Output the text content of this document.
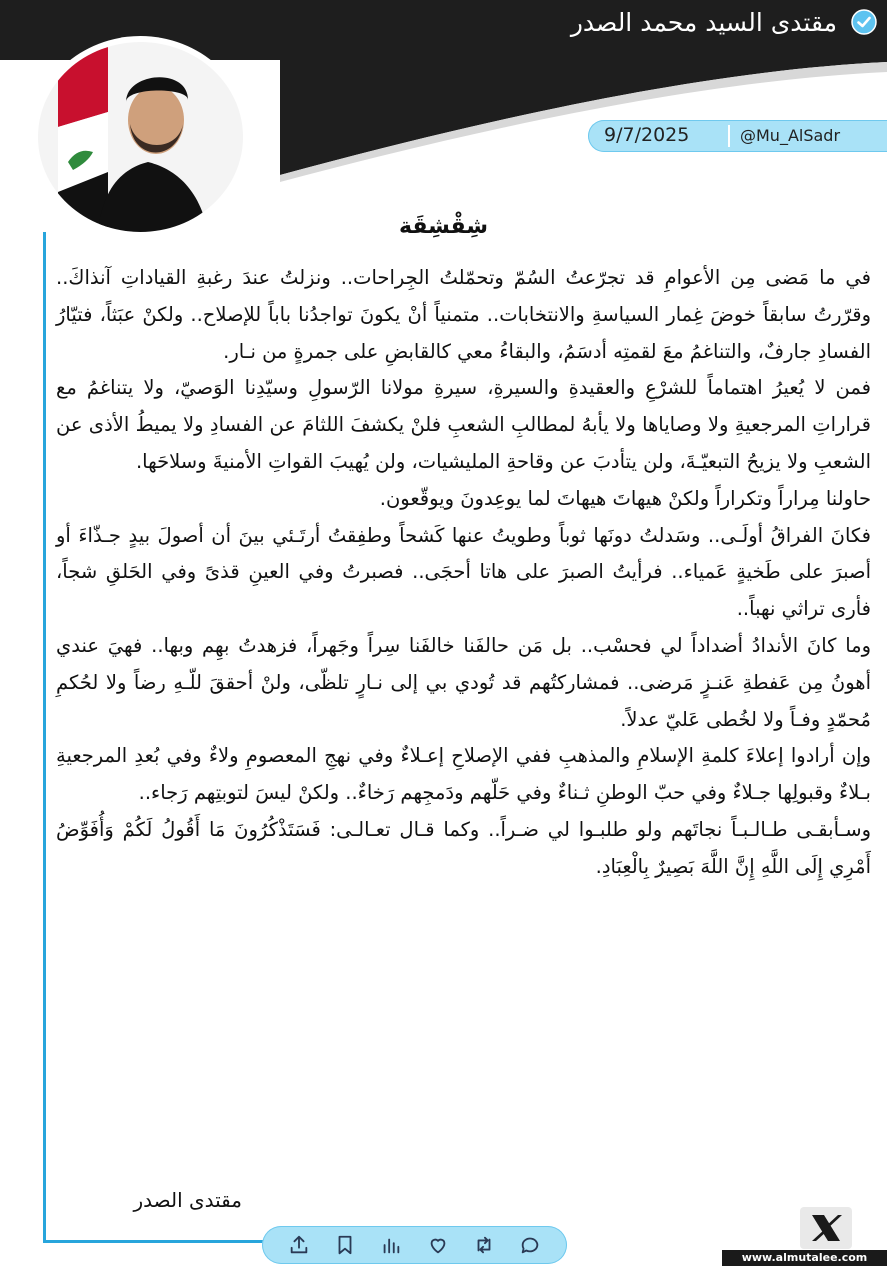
مقتدى السيد محمد الصدر
9/7/2025	@Mu_AlSadr
شِقْشِقَة

في ما مَضى مِن الأعوامِ قد تجرّعتُ السُمّ وتحمّلتُ الجِراحات.. ونزلتُ عندَ رغبةِ القياداتِ آنذاكَ.. وقرّرتُ سابقاً خوضَ غِمار السياسةِ والانتخابات.. متمنياً أنْ يكونَ تواجدُنا باباً للإصلاح.. ولكنْ عبَثاً، فتيّارُ الفسادِ جارفٌ، والتناغمُ معَ لقمتِه أدسَمُ، والبقاءُ معي كالقابضِ على جمرةٍ من نـار.

فمن لا يُعيرُ اهتماماً للشرْعِ والعقيدةِ والسيرةِ، سيرةِ مولانا الرّسولِ وسيّدِنا الوَصيّ، ولا يتناغمُ مع قراراتِ المرجعيةِ ولا وصاياها ولا يأبهُ لمطالبِ الشعبِ فلنْ يكشفَ اللثامَ عن الفسادِ ولا يميطُ الأذى عن الشعبِ ولا يزيحُ التبعيّـةَ، ولن يتأدبَ عن وقاحةِ المليشيات، ولن يُهيبَ القواتِ الأمنيةَ وسلاحَها.

حاولنا مِراراً وتكراراً ولكنْ هيهاتَ هيهاتَ لما يوعِدونَ ويوقّعون.

فكانَ الفراقُ أولَـى.. وسَدلتُ دونَها ثوباً وطويتُ عنها كَشحاً وطفِقتُ أرتَـئي بينَ أن أصولَ بيدٍ جـذّاءَ أو أصبرَ على طَخيةٍ عَمياء.. فرأيتُ الصبرَ على هاتا أحجَى.. فصبرتُ وفي العينِ قذىً وفي الحَلقِ شجاً، فأرى تراثي نهباً..

وما كانَ الأندادُ أضداداً لي فحسْب.. بل مَن حالفَنا خالفَنا سِراً وجَهراً، فزهدتُ بهِم وبها.. فهيَ عندي أهونُ مِن عَفطةِ عَنـزٍ مَرضى.. فمشاركتُهم قد تُودي بي إلى نـارٍ تلظّى، ولنْ أحققَ للّـهِ رضاً ولا لحُكمِ مُحمّدٍ وفـاً ولا لخُطى عَليّ عدلاً.

وإن أرادوا إعلاءَ كلمةِ الإسلامِ والمذهبِ ففي الإصلاحِ إعـلاءٌ وفي نهجِ المعصومِ ولاءٌ وفي بُعدِ المرجعيةِ بـلاءٌ وقبولِها جـلاءٌ وفي حبّ الوطنِ ثـناءٌ وفي حَلّهم ودَمجِهم رَخاءٌ.. ولكنْ ليسَ لتوبتِهم رَجاء..

وسـأبقـى طـالـبـاً نجاتَهم ولو طلبـوا لي ضـراً.. وكما قـال تعـالـى: فَسَتَذْكُرُونَ مَا أَقُولُ لَكُمْ وَأُفَوِّضُ أَمْرِي إِلَى اللَّهِ إِنَّ اللَّهَ بَصِيرٌ بِالْعِبَادِ.

مقتدى الصدر
www.almutalee.com
